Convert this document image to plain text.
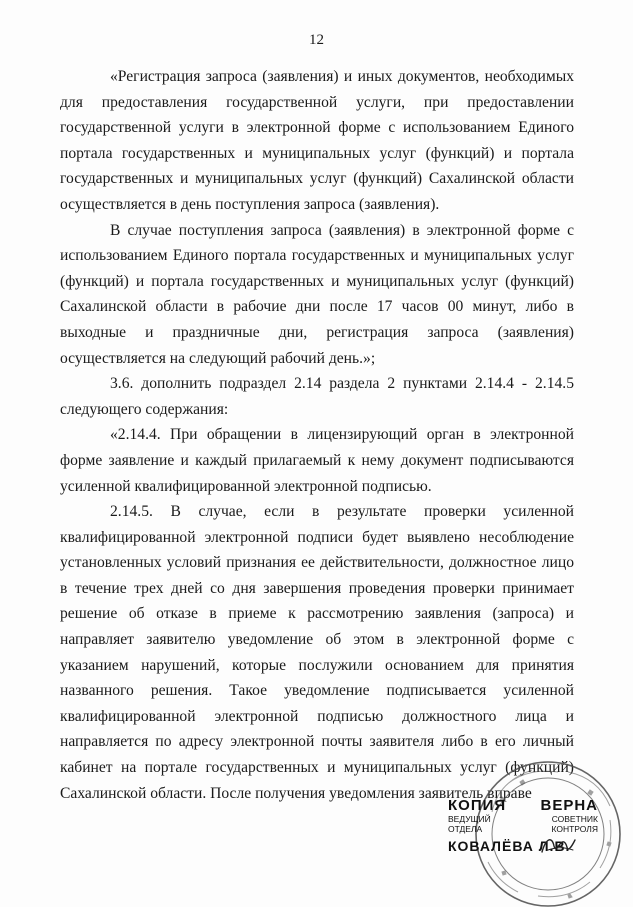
12

«Регистрация запроса (заявления) и иных документов, необходимых для предоставления государственной услуги, при предоставлении государственной услуги в электронной форме с использованием Единого портала государственных и муниципальных услуг (функций) и портала государственных и муниципальных услуг (функций) Сахалинской области осуществляется в день поступления запроса (заявления).

В случае поступления запроса (заявления) в электронной форме с использованием Единого портала государственных и муниципальных услуг (функций) и портала государственных и муниципальных услуг (функций) Сахалинской области в рабочие дни после 17 часов 00 минут, либо в выходные и праздничные дни, регистрация запроса (заявления) осуществляется на следующий рабочий день.»;

3.6. дополнить подраздел 2.14 раздела 2 пунктами 2.14.4 - 2.14.5 следующего содержания:

«2.14.4. При обращении в лицензирующий орган в электронной форме заявление и каждый прилагаемый к нему документ подписываются усиленной квалифицированной электронной подписью.

2.14.5. В случае, если в результате проверки усиленной квалифицированной электронной подписи будет выявлено несоблюдение установленных условий признания ее действительности, должностное лицо в течение трех дней со дня завершения проведения проверки принимает решение об отказе в приеме к рассмотрению заявления (запроса) и направляет заявителю уведомление об этом в электронной форме с указанием нарушений, которые послужили основанием для принятия названного решения. Такое уведомление подписывается усиленной квалифицированной электронной подписью должностного лица и направляется по адресу электронной почты заявителя либо в его личный кабинет на портале государственных и муниципальных услуг (функций) Сахалинской области. После получения уведомления заявитель вправе

КОПИЯ ВЕРНА
ВЕДУЩИЙ	СОВЕТНИК
ОТДЕЛА	КОНТРОЛЯ
КОВАЛЁВА Л.В.
